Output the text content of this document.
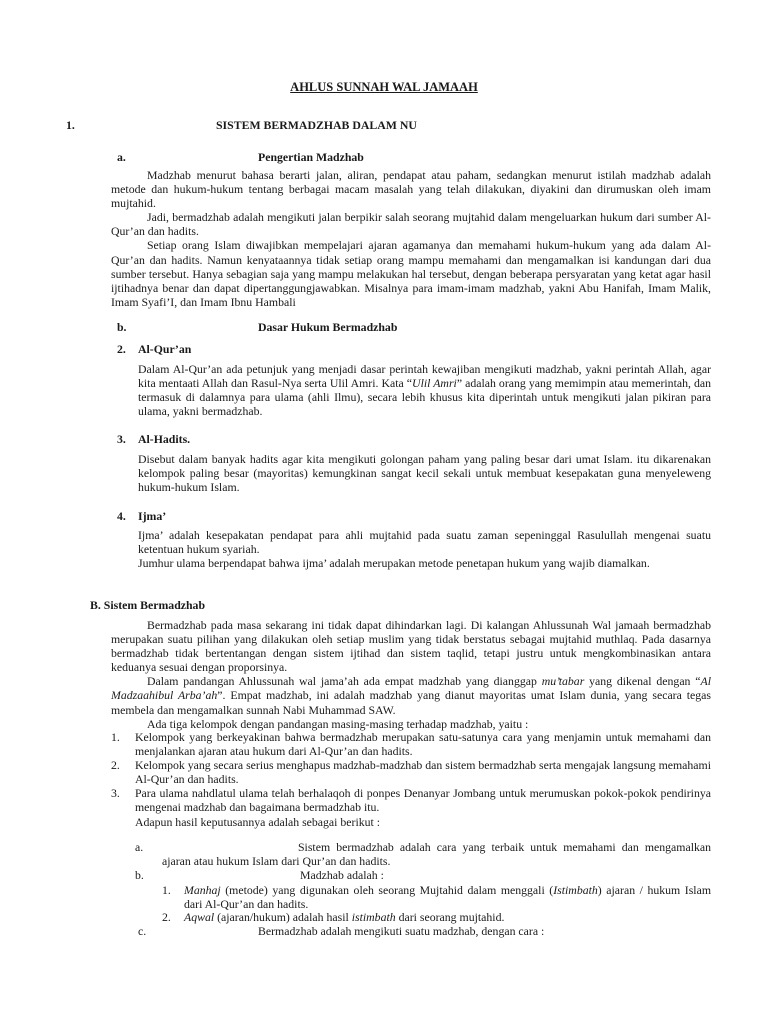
AHLUS SUNNAH WAL JAMAAH
1.	SISTEM BERMADZHAB DALAM NU
a.	Pengertian Madzhab

Madzhab menurut bahasa berarti jalan, aliran, pendapat atau paham, sedangkan menurut istilah madzhab adalah metode dan hukum-hukum tentang berbagai macam masalah yang telah dilakukan, diyakini dan dirumuskan oleh imam mujtahid.

Jadi, bermadzhab adalah mengikuti jalan berpikir salah seorang mujtahid dalam mengeluarkan hukum dari sumber Al-Qur’an dan hadits.

Setiap orang Islam diwajibkan mempelajari ajaran agamanya dan memahami hukum-hukum yang ada dalam Al-Qur’an dan hadits. Namun kenyataannya tidak setiap orang mampu memahami dan mengamalkan isi kandungan dari dua sumber tersebut. Hanya sebagian saja yang mampu melakukan hal tersebut, dengan beberapa persyaratan yang ketat agar hasil ijtihadnya benar dan dapat dipertanggungjawabkan. Misalnya para imam-imam madzhab, yakni Abu Hanifah, Imam Malik, Imam Syafi’I, dan Imam Ibnu Hambali

b.	Dasar Hukum Bermadzhab
2. Al-Qur’an
Dalam Al-Qur’an ada petunjuk yang menjadi dasar perintah kewajiban mengikuti madzhab, yakni perintah Allah, agar kita mentaati Allah dan Rasul-Nya serta Ulil Amri. Kata “Ulil Amri” adalah orang yang memimpin atau memerintah, dan termasuk di dalamnya para ulama (ahli Ilmu), secara lebih khusus kita diperintah untuk mengikuti jalan pikiran para ulama, yakni bermadzhab.
3. Al-Hadits.
Disebut dalam banyak hadits agar kita mengikuti golongan paham yang paling besar dari umat Islam. itu dikarenakan kelompok paling besar (mayoritas) kemungkinan sangat kecil sekali untuk membuat kesepakatan guna menyeleweng hukum-hukum Islam.
4. Ijma’

Ijma’ adalah kesepakatan pendapat para ahli mujtahid pada suatu zaman sepeninggal Rasulullah mengenai suatu ketentuan hukum syariah.

Jumhur ulama berpendapat bahwa ijma’ adalah merupakan metode penetapan hukum yang wajib diamalkan.

B. Sistem Bermadzhab

Bermadzhab pada masa sekarang ini tidak dapat dihindarkan lagi. Di kalangan Ahlussunah Wal jamaah bermadzhab merupakan suatu pilihan yang dilakukan oleh setiap muslim yang tidak berstatus sebagai mujtahid muthlaq. Pada dasarnya bermadzhab tidak bertentangan dengan sistem ijtihad dan sistem taqlid, tetapi justru untuk mengkombinasikan antara keduanya sesuai dengan proporsinya.

Dalam pandangan Ahlussunah wal jama’ah ada empat madzhab yang dianggap mu’tabar yang dikenal dengan “Al Madzaahibul Arba’ah”. Empat madzhab, ini adalah madzhab yang dianut mayoritas umat Islam dunia, yang secara tegas membela dan mengamalkan sunnah Nabi Muhammad SAW.

Ada tiga kelompok dengan pandangan masing-masing terhadap madzhab, yaitu :

1. Kelompok yang berkeyakinan bahwa bermadzhab merupakan satu-satunya cara yang menjamin untuk memahami dan menjalankan ajaran atau hukum dari Al-Qur’an dan hadits.
2. Kelompok yang secara serius menghapus madzhab-madzhab dan sistem bermadzhab serta mengajak langsung memahami Al-Qur’an dan hadits.
3. Para ulama nahdlatul ulama telah berhalaqoh di ponpes Denanyar Jombang untuk merumuskan pokok-pokok pendirinya mengenai madzhab dan bagaimana bermadzhab itu.
Adapun hasil keputusannya adalah sebagai berikut :
a.	Sistem bermadzhab adalah cara yang terbaik untuk memahami dan mengamalkan ajaran atau hukum Islam dari Qur’an dan hadits.
b.	Madzhab adalah :
1. Manhaj (metode) yang digunakan oleh seorang Mujtahid dalam menggali (Istimbath) ajaran / hukum Islam dari Al-Qur’an dan hadits.
2. Aqwal (ajaran/hukum) adalah hasil istimbath dari seorang mujtahid.
c.	Bermadzhab adalah mengikuti suatu madzhab, dengan cara :
